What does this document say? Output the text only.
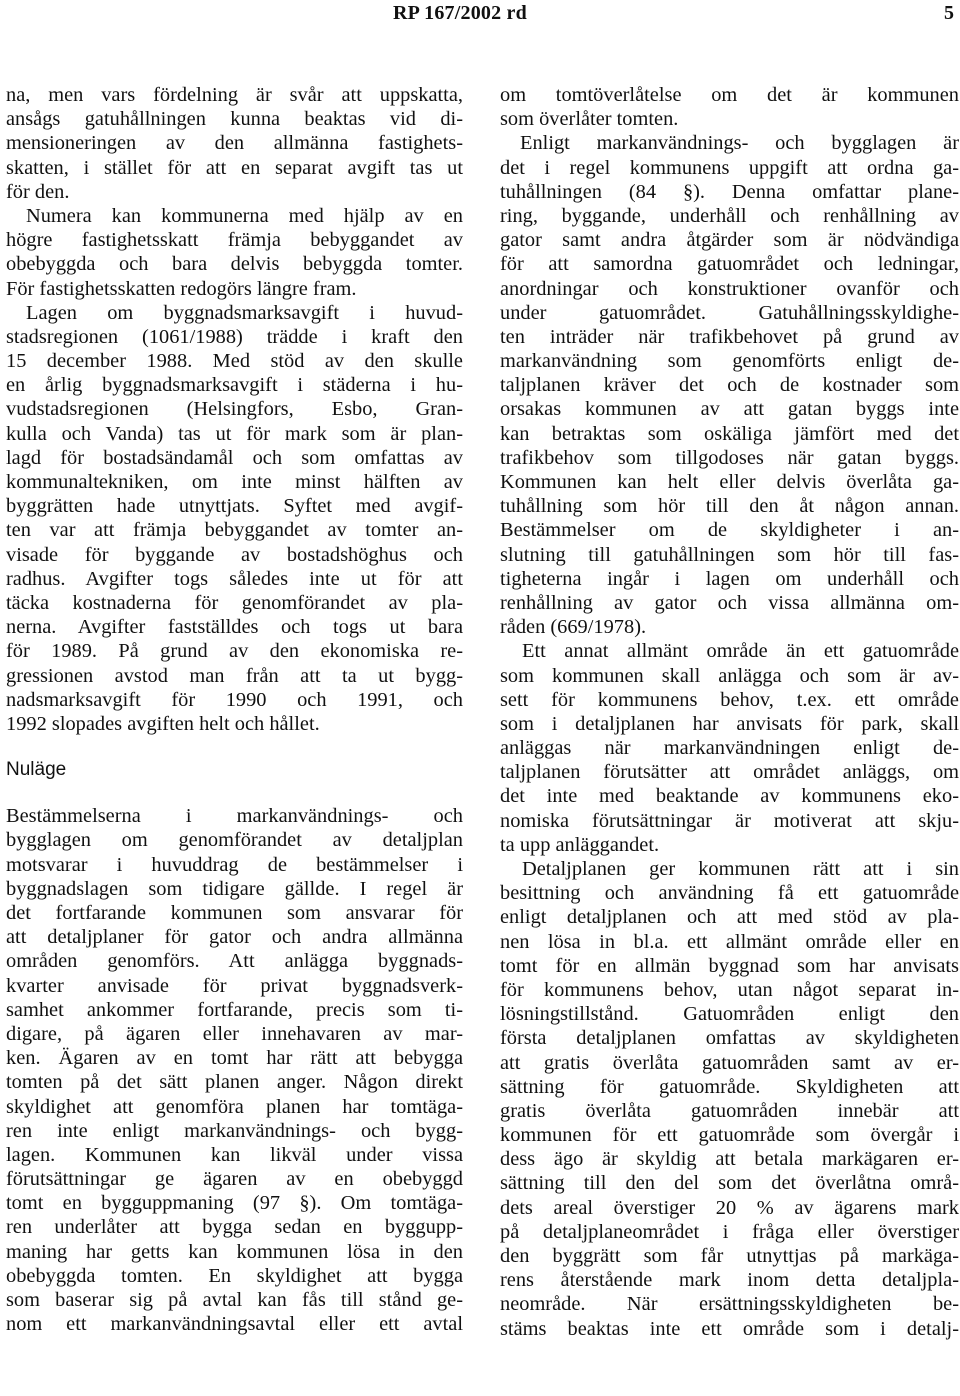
RP 167/2002 rd	5
na, men vars fördelning är svår att uppskatta,
ansågs gatuhållningen kunna beaktas vid di-
mensioneringen av den allmänna fastighets-
skatten, i stället för att en separat avgift tas ut
för den.
Numera kan kommunerna med hjälp av en
högre fastighetsskatt främja bebyggandet av
obebyggda och bara delvis bebyggda tomter.
För fastighetsskatten redogörs längre fram.
Lagen om byggnadsmarksavgift i huvud-
stadsregionen (1061/1988) trädde i kraft den
15 december 1988. Med stöd av den skulle
en årlig byggnadsmarksavgift i städerna i hu-
vudstadsregionen (Helsingfors, Esbo, Gran-
kulla och Vanda) tas ut för mark som är plan-
lagd för bostadsändamål och som omfattas av
kommunaltekniken, om inte minst hälften av
byggrätten hade utnyttjats. Syftet med avgif-
ten var att främja bebyggandet av tomter an-
visade för byggande av bostadshöghus och
radhus. Avgifter togs således inte ut för att
täcka kostnaderna för genomförandet av pla-
nerna. Avgifter fastställdes och togs ut bara
för 1989. På grund av den ekonomiska re-
gressionen avstod man från att ta ut bygg-
nadsmarksavgift för 1990 och 1991, och
1992 slopades avgiften helt och hållet.
Nuläge
Bestämmelserna i markanvändnings- och
bygglagen om genomförandet av detaljplan
motsvarar i huvuddrag de bestämmelser i
byggnadslagen som tidigare gällde. I regel är
det fortfarande kommunen som ansvarar för
att detaljplaner för gator och andra allmänna
områden genomförs. Att anlägga byggnads-
kvarter anvisade för privat byggnadsverk-
samhet ankommer fortfarande, precis som ti-
digare, på ägaren eller innehavaren av mar-
ken. Ägaren av en tomt har rätt att bebygga
tomten på det sätt planen anger. Någon direkt
skyldighet att genomföra planen har tomtäga-
ren inte enligt markanvändnings- och bygg-
lagen. Kommunen kan likväl under vissa
förutsättningar ge ägaren av en obebyggd
tomt en bygguppmaning (97 §). Om tomtäga-
ren underlåter att bygga sedan en byggupp-
maning har getts kan kommunen lösa in den
obebyggda tomten. En skyldighet att bygga
som baserar sig på avtal kan fås till stånd ge-
nom ett markanvändningsavtal eller ett avtal
om tomtöverlåtelse om det är kommunen
som överlåter tomten.
Enligt markanvändnings- och bygglagen är
det i regel kommunens uppgift att ordna ga-
tuhållningen (84 §). Denna omfattar plane-
ring, byggande, underhåll och renhållning av
gator samt andra åtgärder som är nödvändiga
för att samordna gatuområdet och ledningar,
anordningar och konstruktioner ovanför och
under gatuområdet. Gatuhållningsskyldighe-
ten inträder när trafikbehovet på grund av
markanvändning som genomförts enligt de-
taljplanen kräver det och de kostnader som
orsakas kommunen av att gatan byggs inte
kan betraktas som oskäliga jämfört med det
trafikbehov som tillgodoses när gatan byggs.
Kommunen kan helt eller delvis överlåta ga-
tuhållning som hör till den åt någon annan.
Bestämmelser om de skyldigheter i an-
slutning till gatuhållningen som hör till fas-
tigheterna ingår i lagen om underhåll och
renhållning av gator och vissa allmänna om-
råden (669/1978).
Ett annat allmänt område än ett gatuområde
som kommunen skall anlägga och som är av-
sett för kommunens behov, t.ex. ett område
som i detaljplanen har anvisats för park, skall
anläggas när markanvändningen enligt de-
taljplanen förutsätter att området anläggs, om
det inte med beaktande av kommunens eko-
nomiska förutsättningar är motiverat att skju-
ta upp anläggandet.
Detaljplanen ger kommunen rätt att i sin
besittning och användning få ett gatuområde
enligt detaljplanen och att med stöd av pla-
nen lösa in bl.a. ett allmänt område eller en
tomt för en allmän byggnad som har anvisats
för kommunens behov, utan något separat in-
lösningstillstånd. Gatuområden enligt den
första detaljplanen omfattas av skyldigheten
att gratis överlåta gatuområden samt av er-
sättning för gatuområde. Skyldigheten att
gratis överlåta gatuområden innebär att
kommunen för ett gatuområde som övergår i
dess ägo är skyldig att betala markägaren er-
sättning till den del som det överlåtna områ-
dets areal överstiger 20 % av ägarens mark
på detaljplaneområdet i fråga eller överstiger
den byggrätt som får utnyttjas på markäga-
rens återstående mark inom detta detaljpla-
neområde. När ersättningsskyldigheten be-
stäms beaktas inte ett område som i detalj-
